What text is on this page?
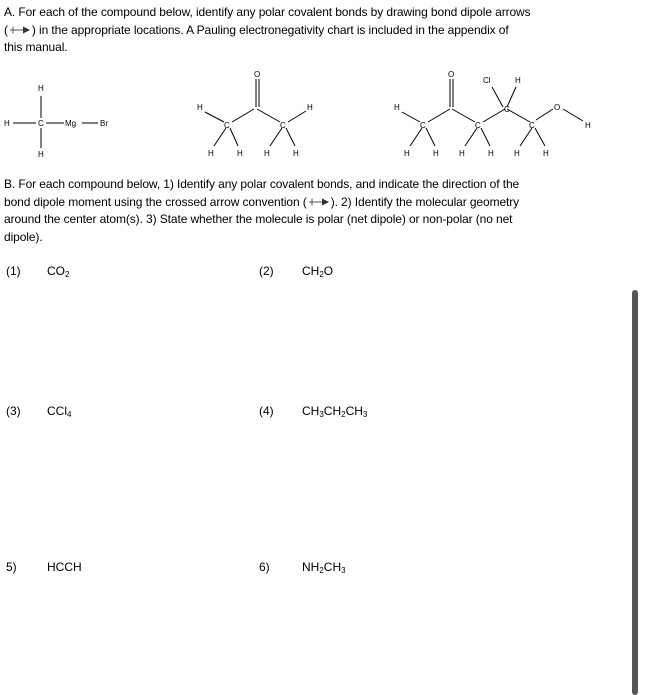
A. For each of the compound below, identify any polar covalent bonds by drawing bond dipole arrows
( ) in the appropriate locations. A Pauling electronegativity chart is included in the appendix of
this manual.
H
H	C	Mg	Br
H
O
H
C	C
H
H	H	H	H
O
Cl	H
H
C	C
C
C
O
H
H	H	H	H	H	H
B. For each compound below, 1) Identify any polar covalent bonds, and indicate the direction of the
bond dipole moment using the crossed arrow convention ( ). 2) Identify the molecular geometry
around the center atom(s). 3) State whether the molecule is polar (net dipole) or non-polar (no net
dipole).
(1) $CO_2$	(2) $CH_2O$
(3) CCl$_4$	(4) $CH_3CH_2CH_3$
5)	HCCH	6)	$NH_2CH_3$
